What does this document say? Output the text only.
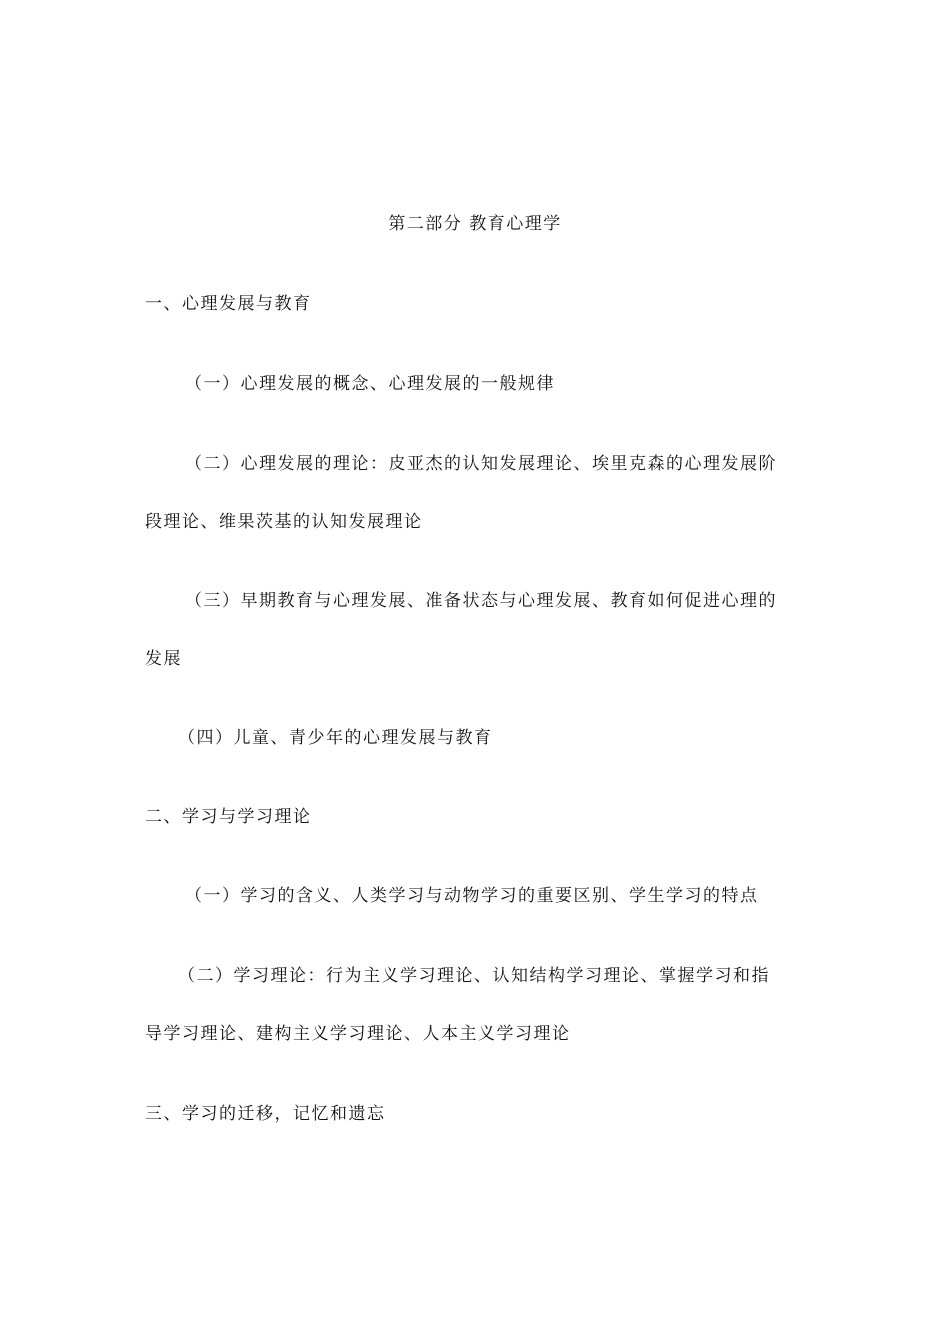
第二部分 教育心理学
一、心理发展与教育
（一）心理发展的概念、心理发展的一般规律
（二）心理发展的理论：皮亚杰的认知发展理论、埃里克森的心理发展阶
段理论、维果茨基的认知发展理论
（三）早期教育与心理发展、准备状态与心理发展、教育如何促进心理的
发展
（四）儿童、青少年的心理发展与教育
二、学习与学习理论
（一）学习的含义、人类学习与动物学习的重要区别、学生学习的特点
（二）学习理论：行为主义学习理论、认知结构学习理论、掌握学习和指
导学习理论、建构主义学习理论、人本主义学习理论
三、学习的迁移，记忆和遗忘
